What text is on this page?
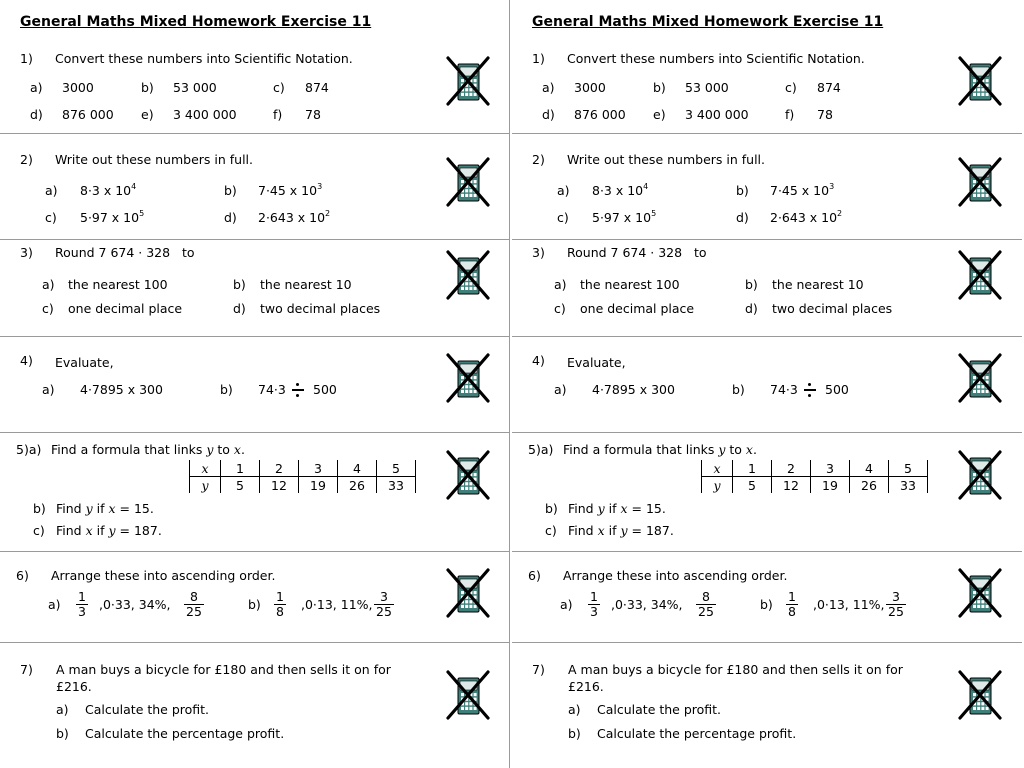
General Maths Mixed Homework Exercise 11
1) Convert these numbers into Scientific Notation.
a) 3000	b) 53 000	c) 874
d) 876 000 e) 3 400 000	f) 78
2) Write out these numbers in full.
a) 8·3 x $10^4$	b) 7·45 x $10^3$
c) 5·97 x $10^5$	d) 2·643 x $10^2$
3) Round 7 674 · 328   to
a) the nearest 100	b) the nearest 10
c) one decimal place	d) two decimal places
4) Evaluate,
a) 4·7895 x 300	b) 74·3 500
5)a) Find a formula that links y to x.
x	1	2	3	4	5
y	5	12	19	26	33
b) Find y if x = 15.
c) Find x if y = 187.
6) Arrange these into ascending order.
$a) \frac{1}{3} ,0\cdot 33$, 34%, $\frac{8}{25}$	$b) \frac{1}{8} ,0\cdot 13$, 11%, $\frac{3}{25}$
7) A man buys a bicycle for £180 and then sells it on for
£216.
a) Calculate the profit.
b) Calculate the percentage profit.
General Maths Mixed Homework Exercise 11
1) Convert these numbers into Scientific Notation.
a) 3000	b) 53 000	c) 874
d) 876 000 e) 3 400 000	f) 78
2) Write out these numbers in full.
a) 8·3 x $10^4$	b) 7·45 x $10^3$
c) 5·97 x $10^5$	d) 2·643 x $10^2$
3) Round 7 674 · 328   to
a) the nearest 100	b) the nearest 10
c) one decimal place	d) two decimal places
4) Evaluate,
a) 4·7895 x 300	b) 74·3 500
5)a) Find a formula that links y to x.
x	1	2	3	4	5
y	5	12	19	26	33
b) Find y if x = 15.
c) Find x if y = 187.
6) Arrange these into ascending order.
$a) \frac{1}{3} ,0\cdot 33$, 34%, $\frac{8}{25}$	$b) \frac{1}{8} ,0\cdot 13$, 11%, $\frac{3}{25}$
7) A man buys a bicycle for £180 and then sells it on for
£216.
a) Calculate the profit.
b) Calculate the percentage profit.
